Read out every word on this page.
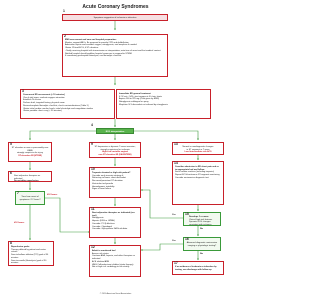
Acute Coronary Syndromes
1
Symptoms suggestive of ischemia or infarction
2
EMS assessment and care and hospital preparation:
Monitor, support ABCs. Be prepared to provide CPR and defibrillation
Administer aspirin and consider oxygen, nitroglycerin, and morphine if needed
Obtain 12-lead ECG; if ST elevation:
- Notify receiving hospital with transmission or interpretation; note time of onset and first medical contact
Notified hospital should mobilize hospital resources to respond to STEMI
If considering prehospital fibrinolysis, use fibrinolytic checklist
3
Concurrent ED assessment (< 10 minutes)
Check vital signs; evaluate oxygen saturation
Establish IV access
Perform brief, targeted history, physical exam
Review/complete fibrinolytic checklist; check contraindications (Table 5)
Obtain initial cardiac marker levels, initial electrolyte and coagulation studies
Obtain portable chest x-ray (< 30 minutes)
Immediate ED general treatment
If O2 sat < 94%, start oxygen at 4 L/min; titrate
Aspirin 160 to 325 mg (if not given by EMS)
Nitroglycerin sublingual or spray
Morphine IV if discomfort not relieved by nitroglycerin
4
ECG interpretation
5
ST elevation or new or presumably new LBBB;
strongly suspicious for injury
ST-elevation MI (STEMI)
9
ST depression or dynamic T-wave inversion;
strongly suspicious for ischemia
High-risk unstable angina/
non-ST-elevation MI (UA/NSTEMI)
13
Normal or nondiagnostic changes
in ST segment or T wave
Low-/intermediate-risk ACS
6
Start adjunctive therapies as indicated
Do not delay reperfusion
7
Time from onset of
symptoms ≤ 12 hours?
≥12 hours
≤12 hours
10
Troponin elevated or high-risk patient?
Consider early invasive strategy if:
Refractory ischemic chest discomfort
Recurrent/persistent ST deviation
Ventricular tachycardia
Hemodynamic instability
Signs of heart failure
8
Reperfusion goals:
Therapy defined by patient and center criteria
Door-to-balloon inflation (PCI) goal of 90 minutes
Door-to-needle (fibrinolysis) goal of 30 minutes
11
Start adjunctive therapies as indicated (see text)
Nitroglycerin
Heparin (UFH or LMWH)
Consider: PO β-blockers
Consider: Clopidogrel
Consider: Glycoprotein IIb/IIIa inhibitor
12
Admit to monitored bed
Assess risk status
Continue ASA, heparin, and other therapies as indicated
ACE inhibitor/ARB
HMG CoA reductase inhibitor (statin therapy)
Not at high risk: cardiology to risk stratify
14
Consider admission to ED chest pain unit or to appropriate bed and follow:
Serial cardiac markers (including troponin)
Repeat ECG/continuous ST-segment monitoring
Consider noninvasive diagnostic test
15
Develops 1 or more:
Clinical high-risk features
Dynamic ECG changes consistent with ischemia
Yes
No
16
Abnormal diagnostic noninvasive imaging or physiologic testing?
Yes
No
17
If no evidence of ischemia or infarction by testing, can discharge with follow-up
© 2010 American Heart Association
